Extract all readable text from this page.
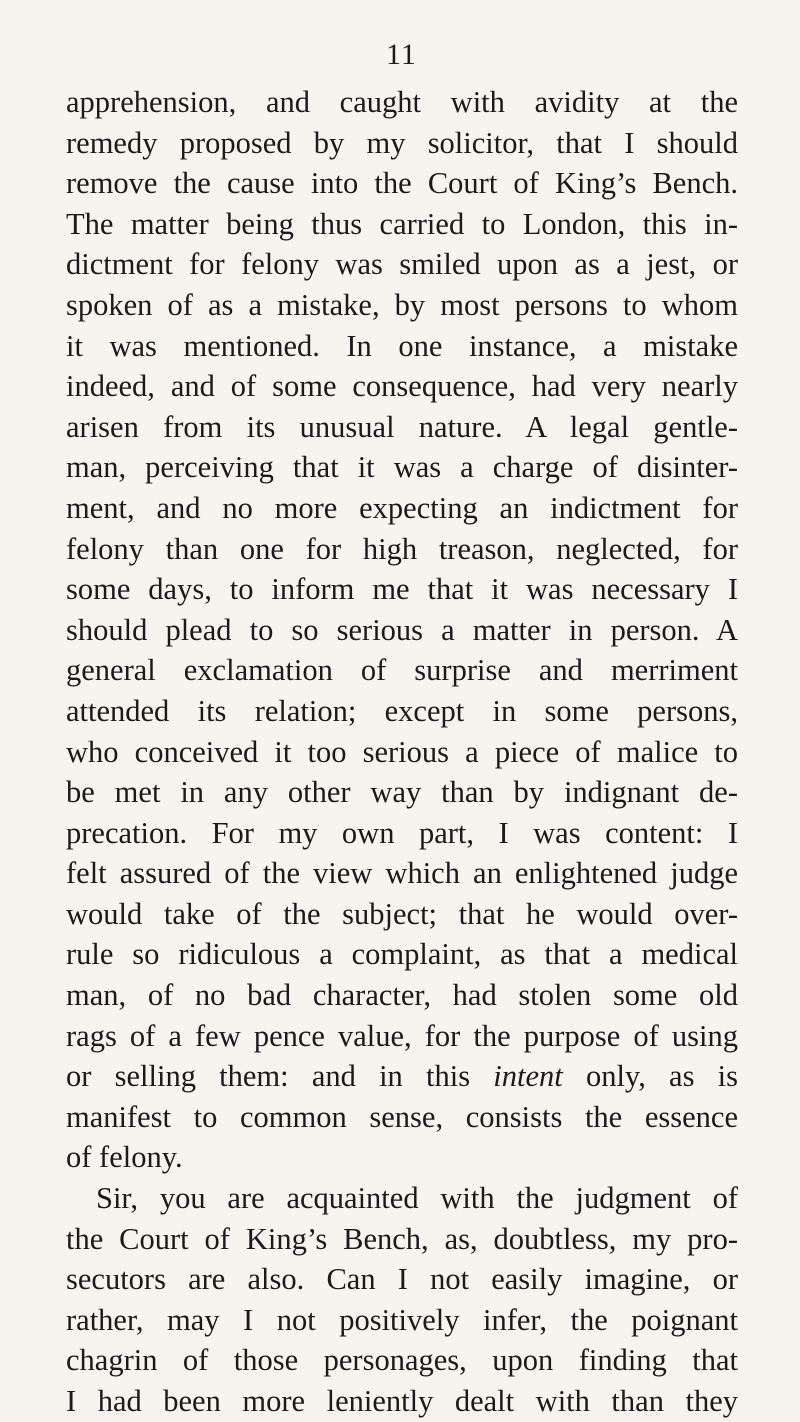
11
apprehension, and caught with avidity at the
remedy proposed by my solicitor, that I should
remove the cause into the Court of King’s Bench.
The matter being thus carried to London, this in-
dictment for felony was smiled upon as a jest, or
spoken of as a mistake, by most persons to whom
it was mentioned. In one instance, a mistake
indeed, and of some consequence, had very nearly
arisen from its unusual nature. A legal gentle-
man, perceiving that it was a charge of disinter-
ment, and no more expecting an indictment for
felony than one for high treason, neglected, for
some days, to inform me that it was necessary I
should plead to so serious a matter in person. A
general exclamation of surprise and merriment
attended its relation; except in some persons,
who conceived it too serious a piece of malice to
be met in any other way than by indignant de-
precation. For my own part, I was content: I
felt assured of the view which an enlightened judge
would take of the subject; that he would over-
rule so ridiculous a complaint, as that a medical
man, of no bad character, had stolen some old
rags of a few pence value, for the purpose of using
or selling them: and in this intent only, as is
manifest to common sense, consists the essence
of felony.
Sir, you are acquainted with the judgment of
the Court of King’s Bench, as, doubtless, my pro-
secutors are also. Can I not easily imagine, or
rather, may I not positively infer, the poignant
chagrin of those personages, upon finding that
I had been more leniently dealt with than they
